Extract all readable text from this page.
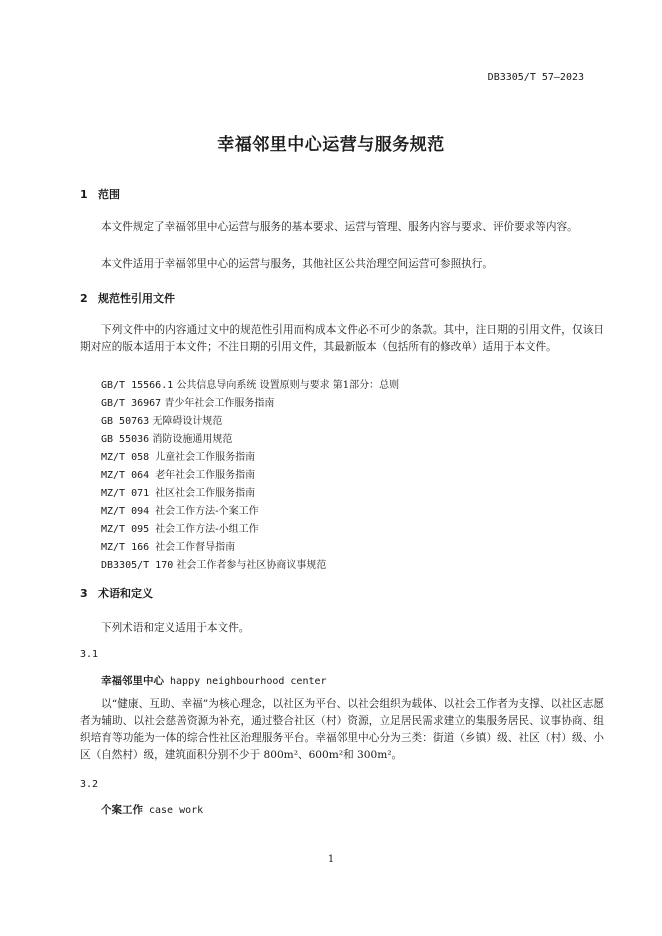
DB3305/T 57—2023
幸福邻里中心运营与服务规范
1 范围
本文件规定了幸福邻里中心运营与服务的基本要求、运营与管理、服务内容与要求、评价要求等内容。
本文件适用于幸福邻里中心的运营与服务，其他社区公共治理空间运营可参照执行。
2 规范性引用文件
下列文件中的内容通过文中的规范性引用而构成本文件必不可少的条款。其中，注日期的引用文件，仅该日期对应的版本适用于本文件；不注日期的引用文件，其最新版本（包括所有的修改单）适用于本文件。
GB/T 15566.1 公共信息导向系统 设置原则与要求 第1部分：总则
GB/T 36967 青少年社会工作服务指南
GB 50763 无障碍设计规范
GB 55036 消防设施通用规范
MZ/T 058 儿童社会工作服务指南
MZ/T 064 老年社会工作服务指南
MZ/T 071 社区社会工作服务指南
MZ/T 094 社会工作方法-个案工作
MZ/T 095 社会工作方法-小组工作
MZ/T 166 社会工作督导指南
DB3305/T 170 社会工作者参与社区协商议事规范
3 术语和定义
下列术语和定义适用于本文件。
3.1
幸福邻里中心 happy neighbourhood center
以“健康、互助、幸福”为核心理念，以社区为平台、以社会组织为载体、以社会工作者为支撑、以社区志愿者为辅助、以社会慈善资源为补充，通过整合社区（村）资源，立足居民需求建立的集服务居民、议事协商、组织培育等功能为一体的综合性社区治理服务平台。幸福邻里中心分为三类：街道（乡镇）级、社区（村）级、小区（自然村）级，建筑面积分别不少于 800m²、600m²和 300m²。
3.2
个案工作 case work
1
